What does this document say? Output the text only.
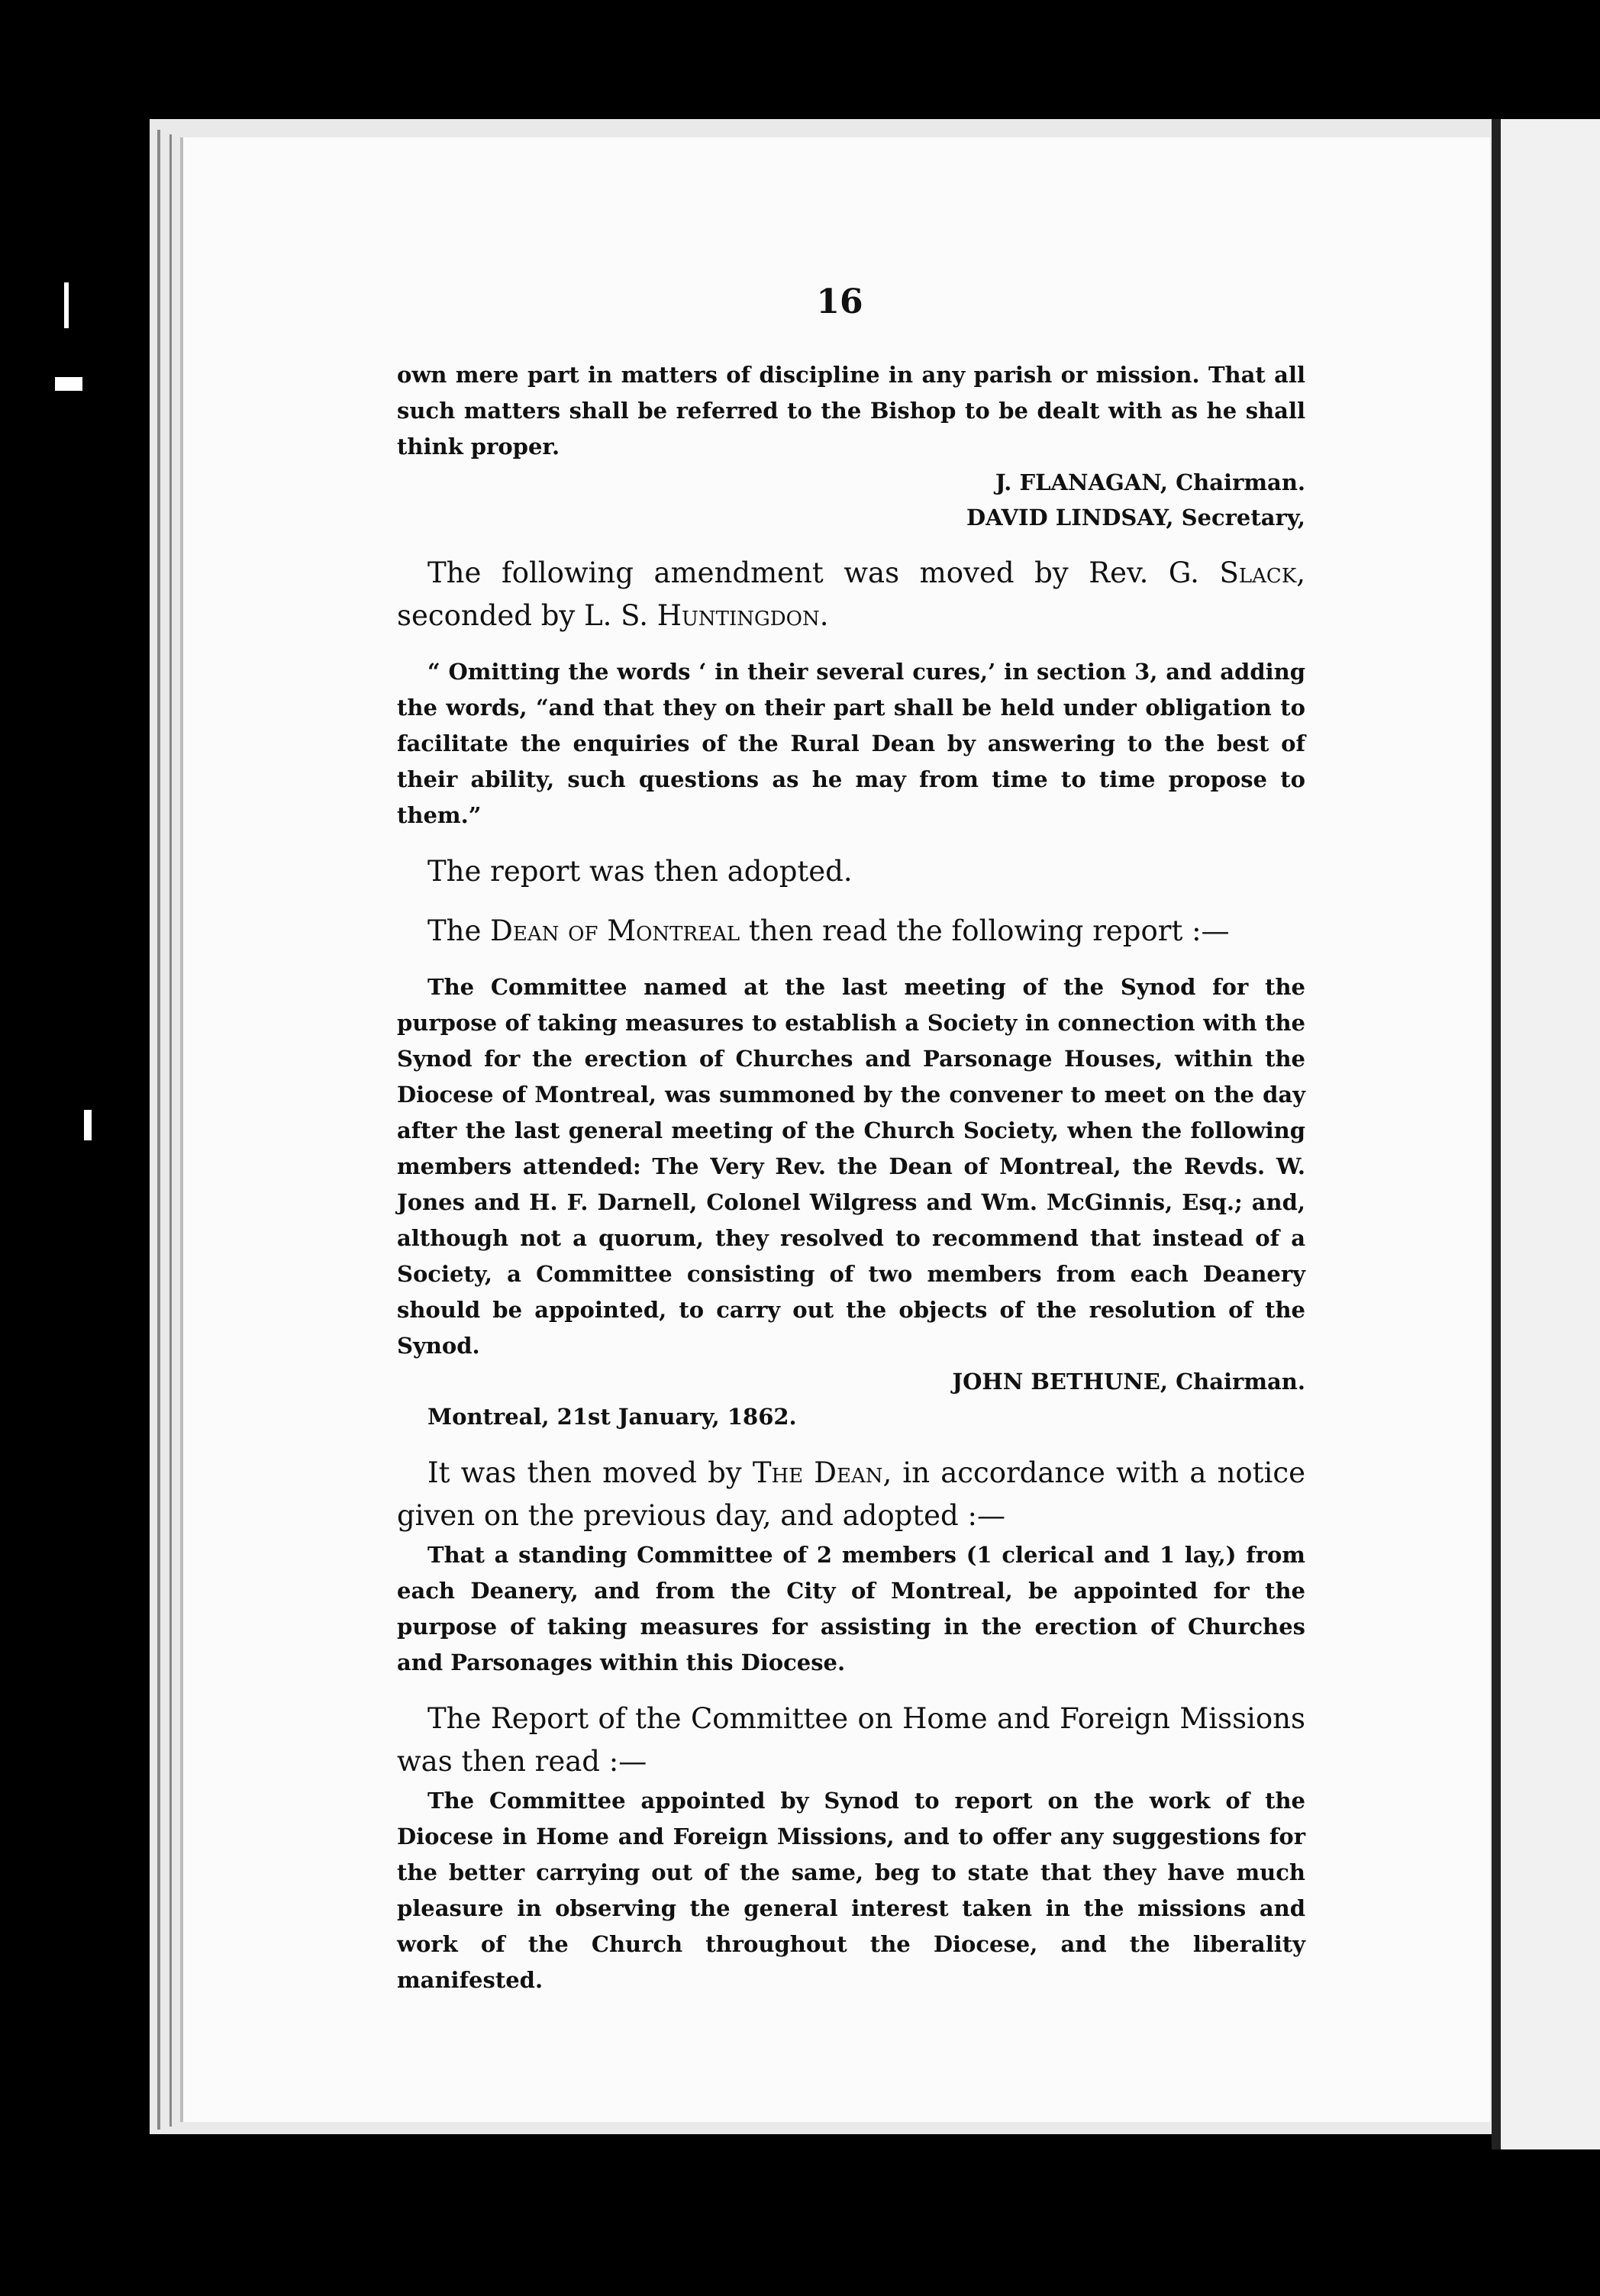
16

own mere part in matters of discipline in any parish or mission. That all such matters shall be referred to the Bishop to be dealt with as he shall think proper.

J. FLANAGAN, Chairman.

DAVID LINDSAY, Secretary,

The following amendment was moved by Rev. G. Slack, seconded by L. S. Huntingdon.

“ Omitting the words ‘ in their several cures,’ in section 3, and adding the words, “and that they on their part shall be held under obligation to facilitate the enquiries of the Rural Dean by answering to the best of their ability, such questions as he may from time to time propose to them.”

The report was then adopted.

The Dean of Montreal then read the following report :—

The Committee named at the last meeting of the Synod for the purpose of taking measures to establish a Society in connection with the Synod for the erection of Churches and Parsonage Houses, within the Diocese of Montreal, was summoned by the convener to meet on the day after the last general meeting of the Church Society, when the following members attended: The Very Rev. the Dean of Montreal, the Revds. W. Jones and H. F. Darnell, Colonel Wilgress and Wm. McGinnis, Esq.; and, although not a quorum, they resolved to recommend that instead of a Society, a Committee consisting of two members from each Deanery should be appointed, to carry out the objects of the resolution of the Synod.

JOHN BETHUNE, Chairman.

Montreal, 21st January, 1862.

It was then moved by The Dean, in accordance with a notice given on the previous day, and adopted :—

That a standing Committee of 2 members (1 clerical and 1 lay,) from each Deanery, and from the City of Montreal, be appointed for the purpose of taking measures for assisting in the erection of Churches and Parsonages within this Diocese.

The Report of the Committee on Home and Foreign Missions was then read :—

The Committee appointed by Synod to report on the work of the Diocese in Home and Foreign Missions, and to offer any suggestions for the better carrying out of the same, beg to state that they have much pleasure in observing the general interest taken in the missions and work of the Church throughout the Diocese, and the liberality manifested.
